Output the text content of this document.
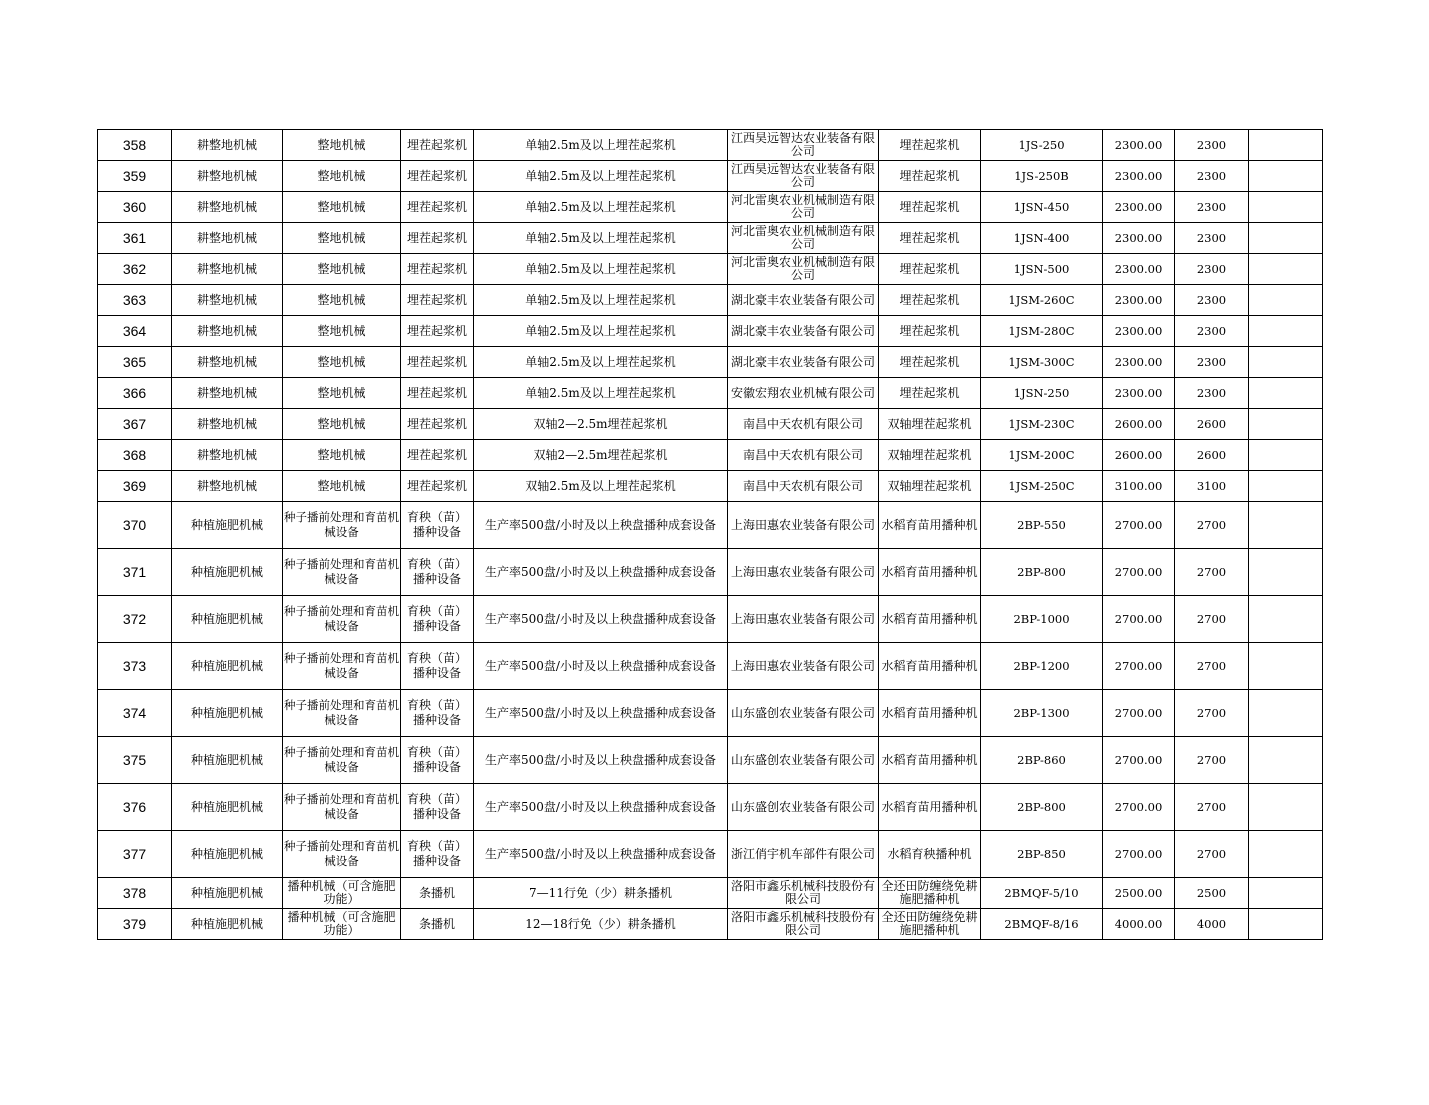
358	耕整地机械	整地机械	埋茬起浆机	单轴2.5m及以上埋茬起浆机	江西昊远智达农业装备有限公司	埋茬起浆机	1JS-250	2300.00	2300	
359	耕整地机械	整地机械	埋茬起浆机	单轴2.5m及以上埋茬起浆机	江西昊远智达农业装备有限公司	埋茬起浆机	1JS-250B	2300.00	2300	
360	耕整地机械	整地机械	埋茬起浆机	单轴2.5m及以上埋茬起浆机	河北雷奥农业机械制造有限公司	埋茬起浆机	1JSN-450	2300.00	2300	
361	耕整地机械	整地机械	埋茬起浆机	单轴2.5m及以上埋茬起浆机	河北雷奥农业机械制造有限公司	埋茬起浆机	1JSN-400	2300.00	2300	
362	耕整地机械	整地机械	埋茬起浆机	单轴2.5m及以上埋茬起浆机	河北雷奥农业机械制造有限公司	埋茬起浆机	1JSN-500	2300.00	2300	
363	耕整地机械	整地机械	埋茬起浆机	单轴2.5m及以上埋茬起浆机	湖北豪丰农业装备有限公司	埋茬起浆机	1JSM-260C	2300.00	2300	
364	耕整地机械	整地机械	埋茬起浆机	单轴2.5m及以上埋茬起浆机	湖北豪丰农业装备有限公司	埋茬起浆机	1JSM-280C	2300.00	2300	
365	耕整地机械	整地机械	埋茬起浆机	单轴2.5m及以上埋茬起浆机	湖北豪丰农业装备有限公司	埋茬起浆机	1JSM-300C	2300.00	2300	
366	耕整地机械	整地机械	埋茬起浆机	单轴2.5m及以上埋茬起浆机	安徽宏翔农业机械有限公司	埋茬起浆机	1JSN-250	2300.00	2300	
367	耕整地机械	整地机械	埋茬起浆机	双轴2—2.5m埋茬起浆机	南昌中天农机有限公司	双轴埋茬起浆机	1JSM-230C	2600.00	2600	
368	耕整地机械	整地机械	埋茬起浆机	双轴2—2.5m埋茬起浆机	南昌中天农机有限公司	双轴埋茬起浆机	1JSM-200C	2600.00	2600	
369	耕整地机械	整地机械	埋茬起浆机	双轴2.5m及以上埋茬起浆机	南昌中天农机有限公司	双轴埋茬起浆机	1JSM-250C	3100.00	3100	
370	种植施肥机械	种子播前处理和育苗机械设备	育秧（苗）播种设备	生产率500盘/小时及以上秧盘播种成套设备	上海田惠农业装备有限公司	水稻育苗用播种机	2BP-550	2700.00	2700	
371	种植施肥机械	种子播前处理和育苗机械设备	育秧（苗）播种设备	生产率500盘/小时及以上秧盘播种成套设备	上海田惠农业装备有限公司	水稻育苗用播种机	2BP-800	2700.00	2700	
372	种植施肥机械	种子播前处理和育苗机械设备	育秧（苗）播种设备	生产率500盘/小时及以上秧盘播种成套设备	上海田惠农业装备有限公司	水稻育苗用播种机	2BP-1000	2700.00	2700	
373	种植施肥机械	种子播前处理和育苗机械设备	育秧（苗）播种设备	生产率500盘/小时及以上秧盘播种成套设备	上海田惠农业装备有限公司	水稻育苗用播种机	2BP-1200	2700.00	2700	
374	种植施肥机械	种子播前处理和育苗机械设备	育秧（苗）播种设备	生产率500盘/小时及以上秧盘播种成套设备	山东盛创农业装备有限公司	水稻育苗用播种机	2BP-1300	2700.00	2700	
375	种植施肥机械	种子播前处理和育苗机械设备	育秧（苗）播种设备	生产率500盘/小时及以上秧盘播种成套设备	山东盛创农业装备有限公司	水稻育苗用播种机	2BP-860	2700.00	2700	
376	种植施肥机械	种子播前处理和育苗机械设备	育秧（苗）播种设备	生产率500盘/小时及以上秧盘播种成套设备	山东盛创农业装备有限公司	水稻育苗用播种机	2BP-800	2700.00	2700	
377	种植施肥机械	种子播前处理和育苗机械设备	育秧（苗）播种设备	生产率500盘/小时及以上秧盘播种成套设备	浙江俏宇机车部件有限公司	水稻育秧播种机	2BP-850	2700.00	2700	
378	种植施肥机械	播种机械（可含施肥功能）	条播机	7—11行免（少）耕条播机	洛阳市鑫乐机械科技股份有限公司	全还田防缠绕免耕施肥播种机	2BMQF-5/10	2500.00	2500	
379	种植施肥机械	播种机械（可含施肥功能）	条播机	12—18行免（少）耕条播机	洛阳市鑫乐机械科技股份有限公司	全还田防缠绕免耕施肥播种机	2BMQF-8/16	4000.00	4000	
